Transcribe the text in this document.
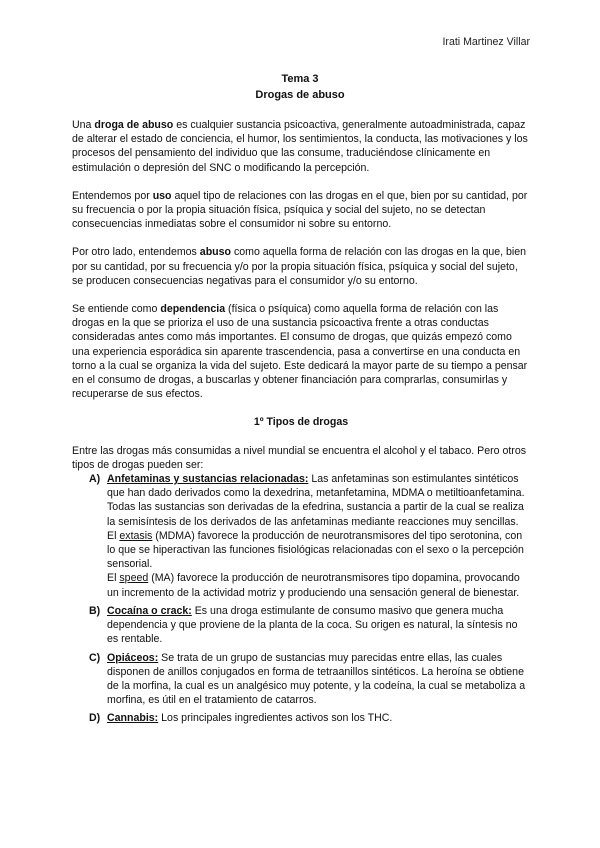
Irati Martinez Villar
Tema 3
Drogas de abuso

Una droga de abuso es cualquier sustancia psicoactiva, generalmente autoadministrada, capaz de alterar el estado de conciencia, el humor, los sentimientos, la conducta, las motivaciones y los procesos del pensamiento del individuo que las consume, traduciéndose clínicamente en estimulación o depresión del SNC o modificando la percepción.

Entendemos por uso aquel tipo de relaciones con las drogas en el que, bien por su cantidad, por su frecuencia o por la propia situación física, psíquica y social del sujeto, no se detectan consecuencias inmediatas sobre el consumidor ni sobre su entorno.

Por otro lado, entendemos abuso como aquella forma de relación con las drogas en la que, bien por su cantidad, por su frecuencia y/o por la propia situación física, psíquica y social del sujeto, se producen consecuencias negativas para el consumidor y/o su entorno.

Se entiende como dependencia (física o psíquica) como aquella forma de relación con las drogas en la que se prioriza el uso de una sustancia psicoactiva frente a otras conductas consideradas antes como más importantes. El consumo de drogas, que quizás empezó como una experiencia esporádica sin aparente trascendencia, pasa a convertirse en una conducta en torno a la cual se organiza la vida del sujeto. Este dedicará la mayor parte de su tiempo a pensar en el consumo de drogas, a buscarlas y obtener financiación para comprarlas, consumirlas y recuperarse de sus efectos.

1º Tipos de drogas

Entre las drogas más consumidas a nivel mundial se encuentra el alcohol y el tabaco. Pero otros tipos de drogas pueden ser:

A) Anfetaminas y sustancias relacionadas: Las anfetaminas son estimulantes sintéticos que han dado derivados como la dexedrina, metanfetamina, MDMA o metiltioanfetamina. Todas las sustancias son derivadas de la efedrina, sustancia a partir de la cual se realiza la semisíntesis de los derivados de las anfetaminas mediante reacciones muy sencillas.
El extasis (MDMA) favorece la producción de neurotransmisores del tipo serotonina, con lo que se hiperactivan las funciones fisiológicas relacionadas con el sexo o la percepción sensorial.
El speed (MA) favorece la producción de neurotransmisores tipo dopamina, provocando un incremento de la actividad motriz y produciendo una sensación general de bienestar.
B) Cocaína o crack: Es una droga estimulante de consumo masivo que genera mucha dependencia y que proviene de la planta de la coca. Su origen es natural, la síntesis no es rentable.
C) Opiáceos: Se trata de un grupo de sustancias muy parecidas entre ellas, las cuales disponen de anillos conjugados en forma de tetraanillos sintéticos. La heroína se obtiene de la morfina, la cual es un analgésico muy potente, y la codeína, la cual se metaboliza a morfina, es útil en el tratamiento de catarros.
D) Cannabis: Los principales ingredientes activos son los THC.
